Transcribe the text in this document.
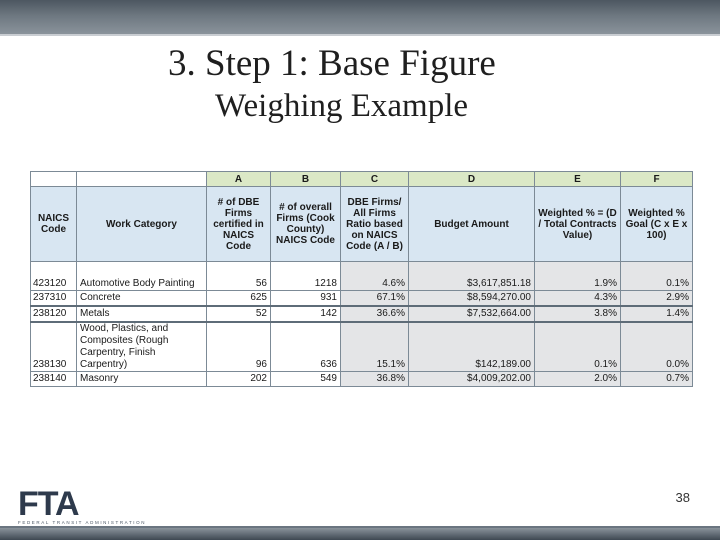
3. Step 1: Base Figure
Weighing Example
		A	B	C	D	E	F
NAICS Code	Work Category	# of DBE Firms certified in NAICS Code	# of overall Firms (Cook County) NAICS Code	DBE Firms/ All Firms Ratio based on NAICS Code (A / B)	Budget Amount	Weighted % = (D / Total Contracts Value)	Weighted % Goal (C x E x 100)
423120	Automotive Body Painting	56	1218	4.6%	$3,617,851.18	1.9%	0.1%
237310	Concrete	625	931	67.1%	$8,594,270.00	4.3%	2.9%
238120	Metals	52	142	36.6%	$7,532,664.00	3.8%	1.4%
238130	Wood, Plastics, and Composites (Rough Carpentry, Finish Carpentry)	96	636	15.1%	$142,189.00	0.1%	0.0%
238140	Masonry	202	549	36.8%	$4,009,202.00	2.0%	0.7%
FTA
FEDERAL TRANSIT ADMINISTRATION
38
